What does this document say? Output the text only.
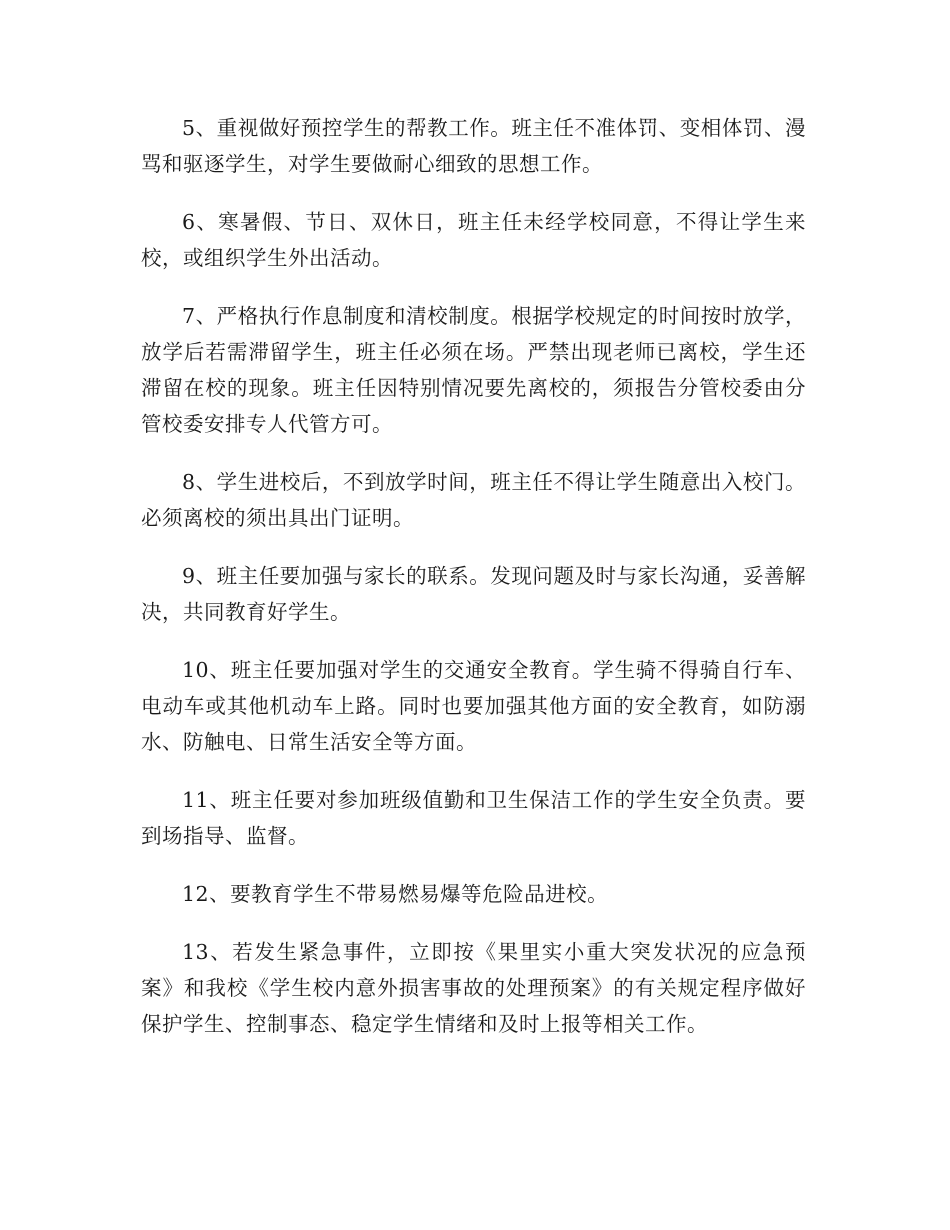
5、重视做好预控学生的帮教工作。班主任不准体罚、变相体罚、漫骂和驱逐学生，对学生要做耐心细致的思想工作。

6、寒暑假、节日、双休日，班主任未经学校同意，不得让学生来校，或组织学生外出活动。

7、严格执行作息制度和清校制度。根据学校规定的时间按时放学，放学后若需滞留学生，班主任必须在场。严禁出现老师已离校，学生还滞留在校的现象。班主任因特别情况要先离校的，须报告分管校委由分管校委安排专人代管方可。

8、学生进校后，不到放学时间，班主任不得让学生随意出入校门。必须离校的须出具出门证明。

9、班主任要加强与家长的联系。发现问题及时与家长沟通，妥善解决，共同教育好学生。

10、班主任要加强对学生的交通安全教育。学生骑不得骑自行车、电动车或其他机动车上路。同时也要加强其他方面的安全教育，如防溺水、防触电、日常生活安全等方面。

11、班主任要对参加班级值勤和卫生保洁工作的学生安全负责。要到场指导、监督。

12、要教育学生不带易燃易爆等危险品进校。

13、若发生紧急事件，立即按《果里实小重大突发状况的应急预案》和我校《学生校内意外损害事故的处理预案》的有关规定程序做好保护学生、控制事态、稳定学生情绪和及时上报等相关工作。
